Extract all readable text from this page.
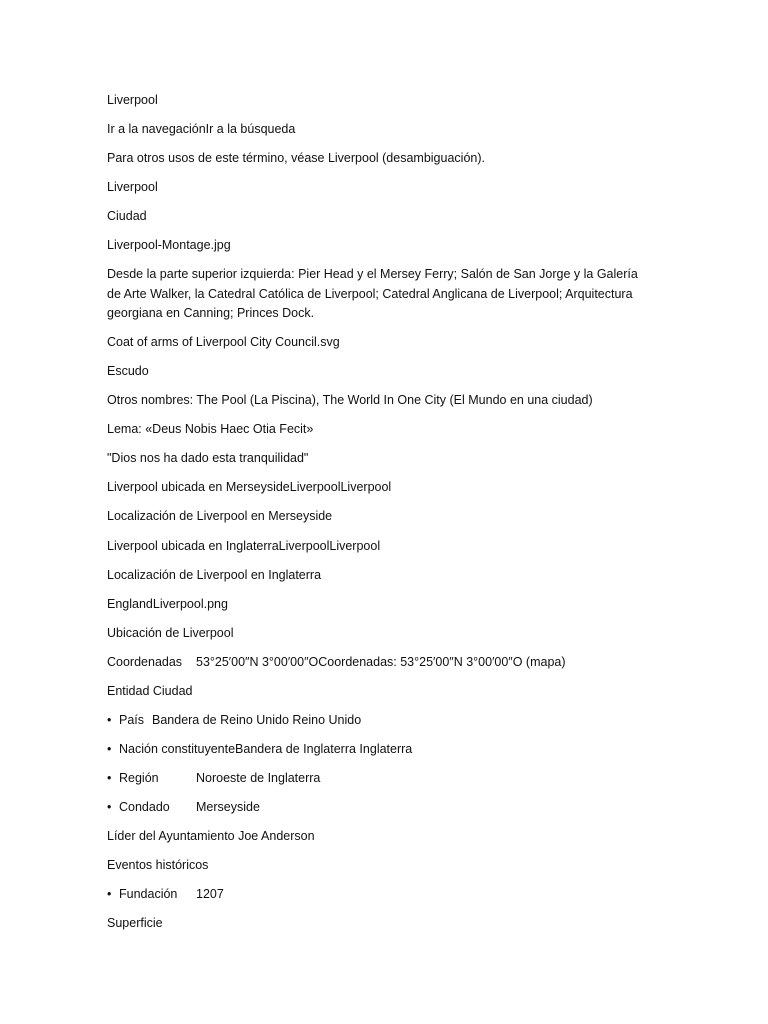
Liverpool
Ir a la navegaciónIr a la búsqueda
Para otros usos de este término, véase Liverpool (desambiguación).
Liverpool
Ciudad
Liverpool-Montage.jpg
Desde la parte superior izquierda: Pier Head y el Mersey Ferry; Salón de San Jorge y la Galería de Arte Walker, la Catedral Católica de Liverpool; Catedral Anglicana de Liverpool; Arquitectura georgiana en Canning; Princes Dock.
Coat of arms of Liverpool City Council.svg
Escudo
Otros nombres: The Pool (La Piscina), The World In One City (El Mundo en una ciudad)
Lema: «Deus Nobis Haec Otia Fecit»
"Dios nos ha dado esta tranquilidad"
Liverpool ubicada en MerseysideLiverpoolLiverpool
Localización de Liverpool en Merseyside
Liverpool ubicada en InglaterraLiverpoolLiverpool
Localización de Liverpool en Inglaterra
EnglandLiverpool.png
Ubicación de Liverpool
Coordenadas 53°25′00″N 3°00′00″OCoordenadas: 53°25′00″N 3°00′00″O (mapa)
Entidad Ciudad
• País Bandera de Reino Unido Reino Unido
• Nación constituyenteBandera de Inglaterra Inglaterra
• Región	Noroeste de Inglaterra
• Condado Merseyside
Líder del Ayuntamiento Joe Anderson
Eventos históricos
• Fundación 1207
Superficie
